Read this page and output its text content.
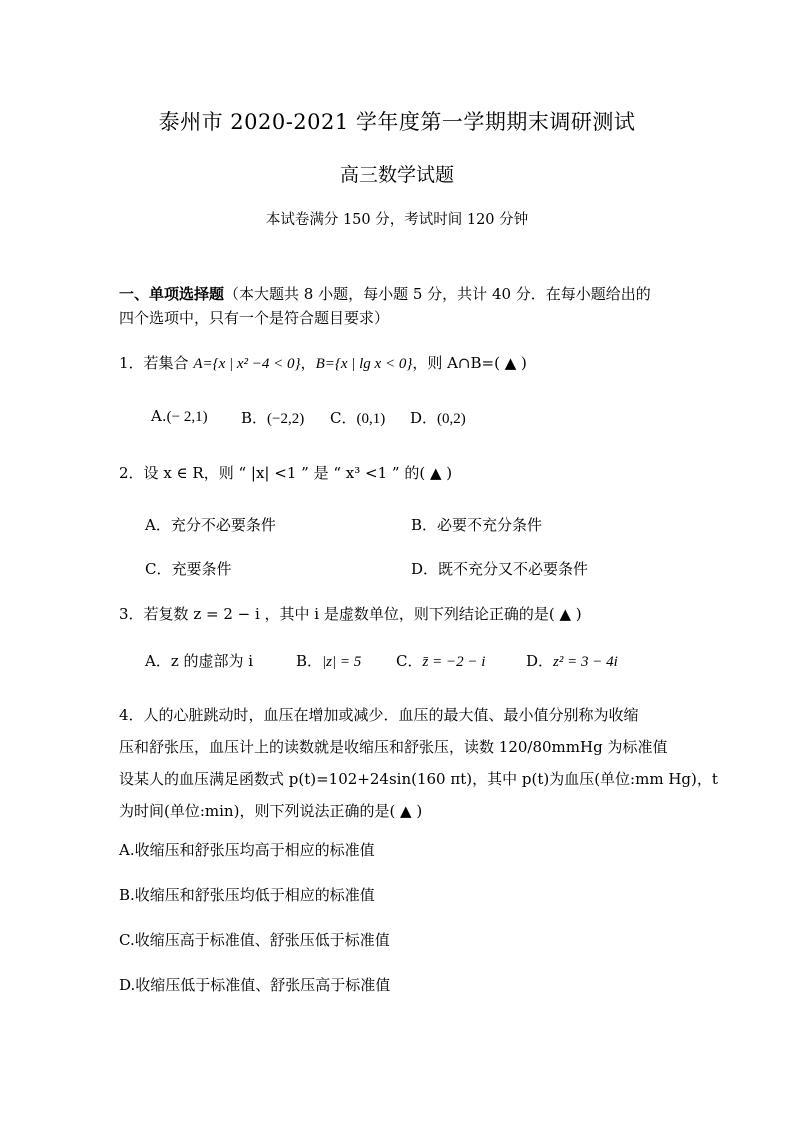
泰州市 2020-2021 学年度第一学期期末调研测试
高三数学试题
本试卷满分 150 分，考试时间 120 分钟
一、单项选择题（本大题共 8 小题，每小题 5 分，共计 40 分．在每小题给出的
四个选项中，只有一个是符合题目要求）
1．若集合 A={x | x² −4 < 0}，B={x | lg x < 0}，则 A∩B=( ▲ )
A.(− 2,1) B．(−2,2) C．(0,1) D．(0,2)
2．设 x ∈ R，则 “ |x| <1 ” 是 “ x³ <1 ” 的( ▲ )
A．充分不必要条件	B．必要不充分条件
C．充要条件	D．既不充分又不必要条件
3．若复数 z = 2 − i ，其中 i 是虚数单位，则下列结论正确的是( ▲ )
A．z 的虚部为 i	B．|z| = 5 C．z̄ = −2 − i	D．z² = 3 − 4i
4．人的心脏跳动时，血压在增加或减少．血压的最大值、最小值分别称为收缩
压和舒张压，血压计上的读数就是收缩压和舒张压，读数 120/80mmHg 为标准值
设某人的血压满足函数式 p(t)=102+24sin(160 πt)，其中 p(t)为血压(单位:mm Hg)，t
为时间(单位:min)，则下列说法正确的是( ▲ )
A.收缩压和舒张压均高于相应的标准值
B.收缩压和舒张压均低于相应的标准值
C.收缩压高于标准值、舒张压低于标准值
D.收缩压低于标准值、舒张压高于标准值
